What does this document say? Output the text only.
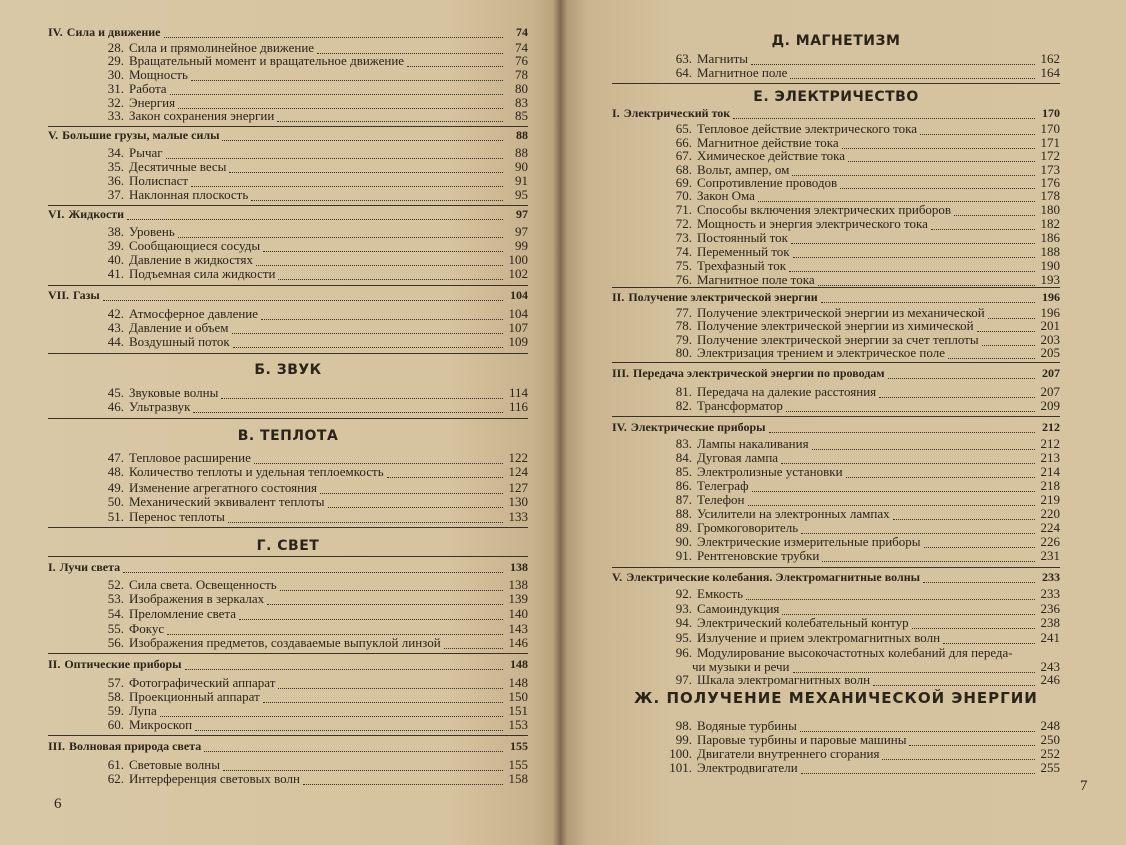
IV. Сила и движение	74
28. Сила и прямолинейное движение	74
29. Вращательный момент и вращательное движение	76
30. Мощность	78
31. Работа	80
32. Энергия	83
33. Закон сохранения энергии	85
V. Большие грузы, малые силы	88
34. Рычаг	88
35. Десятичные весы	90
36. Полиспаст	91
37. Наклонная плоскость	95
VI. Жидкости	97
38. Уровень	97
39. Сообщающиеся сосуды	99
40. Давление в жидкостях	100
41. Подъемная сила жидкости	102
VII. Газы	104
42. Атмосферное давление	104
43. Давление и объем	107
44. Воздушный поток	109
Б. ЗВУК
45. Звуковые волны	114
46. Ультразвук	116
В. ТЕПЛОТА
47. Тепловое расширение	122
48. Количество теплоты и удельная теплоемкость	124
49. Изменение агрегатного состояния	127
50. Механический эквивалент теплоты	130
51. Перенос теплоты	133
Г. СВЕТ
I. Лучи света	138
52. Сила света. Освещенность	138
53. Изображения в зеркалах	139
54. Преломление света	140
55. Фокус	143
56. Изображения предметов, создаваемые выпуклой линзой	146
II. Оптические приборы	148
57. Фотографический аппарат	148
58. Проекционный аппарат	150
59. Лупа	151
60. Микроскоп	153
III. Волновая природа света	155
61. Световые волны	155
62. Интерференция световых волн	158
6
Д. МАГНЕТИЗМ
63. Магниты	162
64. Магнитное поле	164
Е. ЭЛЕКТРИЧЕСТВО
I. Электрический ток	170
65. Тепловое действие электрического тока	170
66. Магнитное действие тока	171
67. Химическое действие тока	172
68. Вольт, ампер, ом	173
69. Сопротивление проводов	176
70. Закон Ома	178
71. Способы включения электрических приборов	180
72. Мощность и энергия электрического тока	182
73. Постоянный ток	186
74. Переменный ток	188
75. Трехфазный ток	190
76. Магнитное поле тока	193
II. Получение электрической энергии	196
77. Получение электрической энергии из механической	196
78. Получение электрической энергии из химической	201
79. Получение электрической энергии за счет теплоты	203
80. Электризация трением и электрическое поле	205
III. Передача электрической энергии по проводам	207
81. Передача на далекие расстояния	207
82. Трансформатор	209
IV. Электрические приборы	212
83. Лампы накаливания	212
84. Дуговая лампа	213
85. Электролизные установки	214
86. Телеграф	218
87. Телефон	219
88. Усилители на электронных лампах	220
89. Громкоговоритель	224
90. Электрические измерительные приборы	226
91. Рентгеновские трубки	231
V. Электрические колебания. Электромагнитные волны	233
92. Емкость	233
93. Самоиндукция	236
94. Электрический колебательный контур	238
95. Излучение и прием электромагнитных волн	241
96. Модулирование высокочастотных колебаний для переда-
чи музыки и речи	243
97. Шкала электромагнитных волн	246
Ж. ПОЛУЧЕНИЕ МЕХАНИЧЕСКОЙ ЭНЕРГИИ
98. Водяные турбины	248
99. Паровые турбины и паровые машины	250
100. Двигатели внутреннего сгорания	252
101. Электродвигатели	255
7
